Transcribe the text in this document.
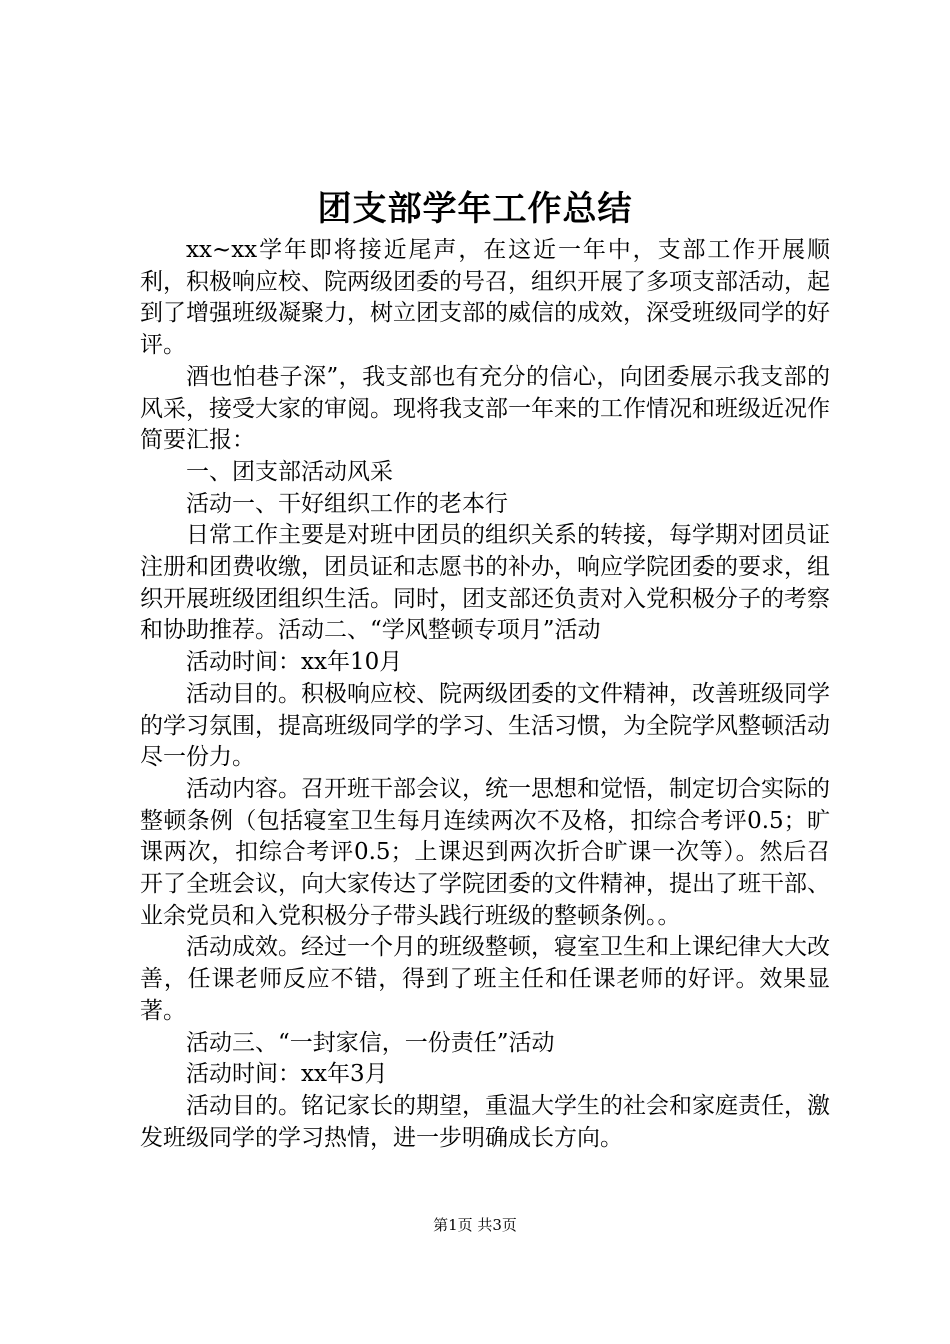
团支部学年工作总结

xx~xx学年即将接近尾声，在这近一年中，支部工作开展顺利，积极响应校、院两级团委的号召，组织开展了多项支部活动，起到了增强班级凝聚力，树立团支部的威信的成效，深受班级同学的好评。

酒也怕巷子深”，我支部也有充分的信心，向团委展示我支部的风采，接受大家的审阅。现将我支部一年来的工作情况和班级近况作简要汇报：

一、团支部活动风采

活动一、干好组织工作的老本行

日常工作主要是对班中团员的组织关系的转接，每学期对团员证注册和团费收缴，团员证和志愿书的补办，响应学院团委的要求，组织开展班级团组织生活。同时，团支部还负责对入党积极分子的考察和协助推荐。活动二、“学风整顿专项月”活动

活动时间：xx年10月

活动目的。积极响应校、院两级团委的文件精神，改善班级同学的学习氛围，提高班级同学的学习、生活习惯，为全院学风整顿活动尽一份力。

活动内容。召开班干部会议，统一思想和觉悟，制定切合实际的整顿条例（包括寝室卫生每月连续两次不及格，扣综合考评0.5；旷课两次，扣综合考评0.5；上课迟到两次折合旷课一次等）。然后召开了全班会议，向大家传达了学院团委的文件精神，提出了班干部、业余党员和入党积极分子带头践行班级的整顿条例。。

活动成效。经过一个月的班级整顿，寝室卫生和上课纪律大大改善，任课老师反应不错，得到了班主任和任课老师的好评。效果显著。

活动三、“一封家信，一份责任”活动

活动时间：xx年3月

活动目的。铭记家长的期望，重温大学生的社会和家庭责任，激发班级同学的学习热情，进一步明确成长方向。

第1页 共3页
